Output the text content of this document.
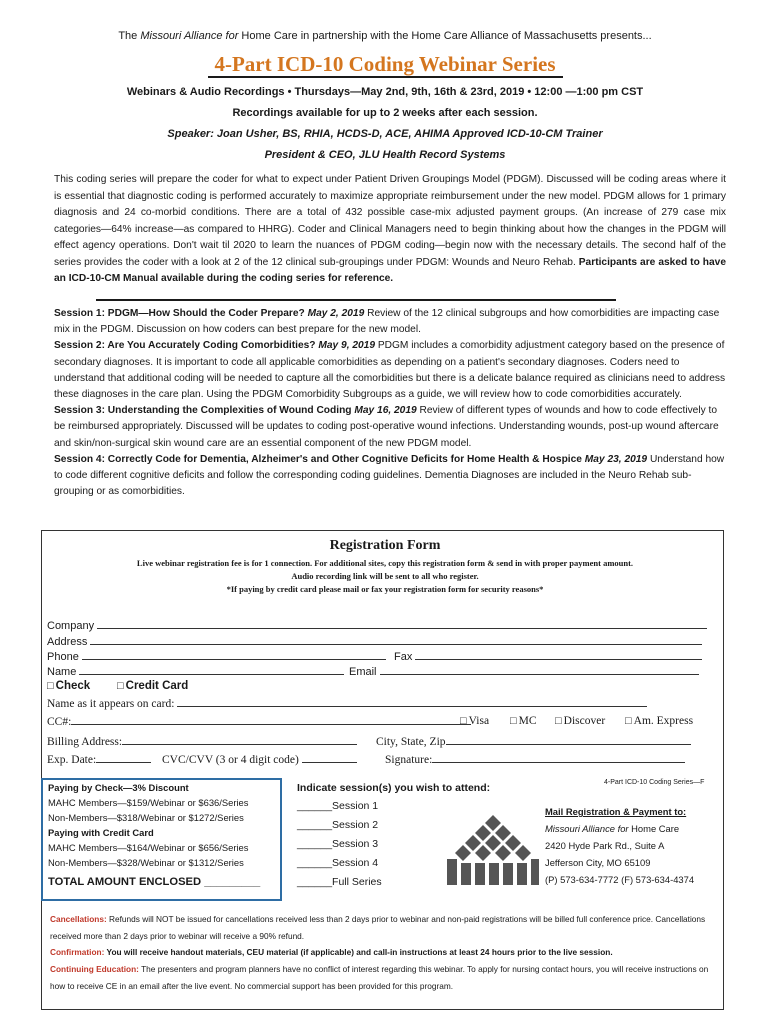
The Missouri Alliance for Home Care in partnership with the Home Care Alliance of Massachusetts presents...
4-Part ICD-10 Coding Webinar Series
Webinars & Audio Recordings • Thursdays—May 2nd, 9th, 16th & 23rd, 2019 • 12:00 —1:00 pm CST
Recordings available for up to 2 weeks after each session.
Speaker: Joan Usher, BS, RHIA, HCDS-D, ACE, AHIMA Approved ICD-10-CM Trainer
President & CEO, JLU Health Record Systems
This coding series will prepare the coder for what to expect under Patient Driven Groupings Model (PDGM). Discussed will be coding areas where it is essential that diagnostic coding is performed accurately to maximize appropriate reimbursement under the new model. PDGM allows for 1 primary diagnosis and 24 co-morbid conditions. There are a total of 432 possible case-mix adjusted payment groups. (An increase of 279 case mix categories—64% increase—as compared to HHRG). Coder and Clinical Managers need to begin thinking about how the changes in the PDGM will effect agency operations. Don't wait til 2020 to learn the nuances of PDGM coding—begin now with the necessary details. The second half of the series provides the coder with a look at 2 of the 12 clinical sub-groupings under PDGM: Wounds and Neuro Rehab. Participants are asked to have an ICD-10-CM Manual available during the coding series for reference.
Session 1: PDGM—How Should the Coder Prepare? May 2, 2019 Review of the 12 clinical subgroups and how comorbidities are impacting case mix in the PDGM. Discussion on how coders can best prepare for the new model.
Session 2: Are You Accurately Coding Comorbidities? May 9, 2019 PDGM includes a comorbidity adjustment category based on the presence of secondary diagnoses. It is important to code all applicable comorbidities as depending on a patient's secondary diagnoses. Coders need to understand that additional coding will be needed to capture all the comorbidities but there is a delicate balance required as clinicians need to address these diagnoses in the care plan. Using the PDGM Comorbidity Subgroups as a guide, we will review how to code comorbidities accurately.
Session 3: Understanding the Complexities of Wound Coding May 16, 2019 Review of different types of wounds and how to code effectively to be reimbursed appropriately. Discussed will be updates to coding post-operative wound infections. Understanding wounds, post-up wound aftercare and skin/non-surgical skin wound care are an essential component of the new PDGM model.
Session 4: Correctly Code for Dementia, Alzheimer's and Other Cognitive Deficits for Home Health & Hospice May 23, 2019 Understand how to code different cognitive deficits and follow the corresponding coding guidelines. Dementia Diagnoses are included in the Neuro Rehab sub-grouping or as comorbidities.
Registration Form
Live webinar registration fee is for 1 connection. For additional sites, copy this registration form & send in with proper payment amount.
Audio recording link will be sent to all who register.
*If paying by credit card please mail or fax your registration form for security reasons*
Company
Address
Phone	Fax
Name	Email
□ Check □ Credit Card
Name as it appears on card:
CC#:	□ Visa □ MC □ Discover □ Am. Express
Billing Address:	City, State, Zip
Exp. Date:	CVC/CVV (3 or 4 digit code)	Signature:
Paying by Check—3% Discount
MAHC Members—$159/Webinar or $636/Series
Non-Members—$318/Webinar or $1272/Series
Paying with Credit Card
MAHC Members—$164/Webinar or $656/Series
Non-Members—$328/Webinar or $1312/Series
TOTAL AMOUNT ENCLOSED _________
Indicate session(s) you wish to attend:
______Session 1
______Session 2
______Session 3
______Session 4
______Full Series
4-Part ICD-10 Coding Series—F
Mail Registration & Payment to:
Missouri Alliance for Home Care
2420 Hyde Park Rd., Suite A
Jefferson City, MO 65109
(P) 573-634-7772 (F) 573-634-4374
Cancellations: Refunds will NOT be issued for cancellations received less than 2 days prior to webinar and non-paid registrations will be billed full conference price. Cancellations received more than 2 days prior to webinar will receive a 90% refund.
Confirmation: You will receive handout materials, CEU material (if applicable) and call-in instructions at least 24 hours prior to the live session.
Continuing Education: The presenters and program planners have no conflict of interest regarding this webinar. To apply for nursing contact hours, you will receive instructions on how to receive CE in an email after the live event. No commercial support has been provided for this program.
